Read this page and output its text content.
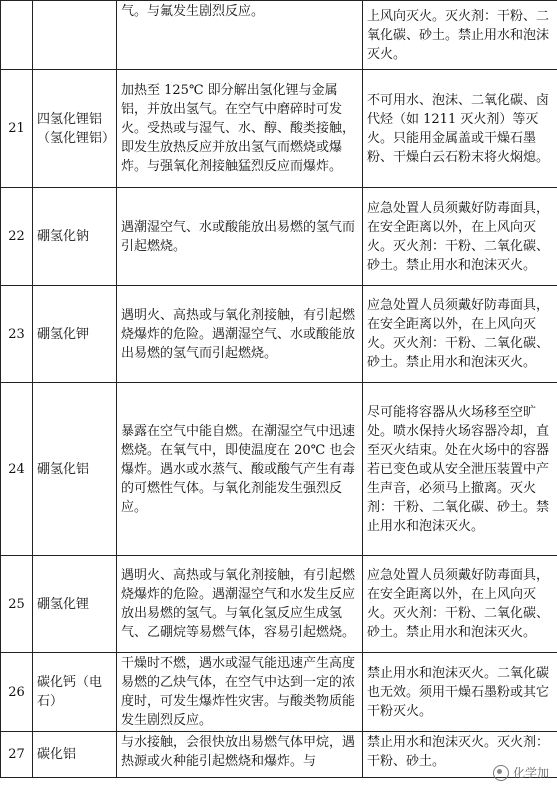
		气。与氟发生剧烈反应。	上风向灭火。灭火剂：干粉、二氧化碳、砂土。禁止用水和泡沫灭火。
21	四氢化锂铝（氢化锂铝）	加热至 125℃ 即分解出氢化锂与金属铝，并放出氢气。在空气中磨碎时可发火。受热或与湿气、水、醇、酸类接触，即发生放热反应并放出氢气而燃烧或爆炸。与强氧化剂接触猛烈反应而爆炸。	不可用水、泡沫、二氧化碳、卤代烃（如 1211 灭火剂）等灭火。只能用金属盖或干燥石墨粉、干燥白云石粉末将火焖熄。
22	硼氢化钠	遇潮湿空气、水或酸能放出易燃的氢气而引起燃烧。	应急处置人员须戴好防毒面具，在安全距离以外，在上风向灭火。灭火剂：干粉、二氧化碳、砂土。禁止用水和泡沫灭火。
23	硼氢化钾	遇明火、高热或与氧化剂接触，有引起燃烧爆炸的危险。遇潮湿空气、水或酸能放出易燃的氢气而引起燃烧。	应急处置人员须戴好防毒面具，在安全距离以外，在上风向灭火。灭火剂：干粉、二氧化碳、砂土。禁止用水和泡沫灭火。
24	硼氢化铝	暴露在空气中能自燃。在潮湿空气中迅速燃烧。在氧气中，即使温度在 20℃ 也会爆炸。遇水或水蒸气、酸或酸气产生有毒的可燃性气体。与氧化剂能发生强烈反应。	尽可能将容器从火场移至空旷处。喷水保持火场容器冷却，直至灭火结束。处在火场中的容器若已变色或从安全泄压装置中产生声音，必须马上撤离。灭火剂：干粉、二氧化碳、砂土。禁止用水和泡沫灭火。
25	硼氢化锂	遇明火、高热或与氧化剂接触，有引起燃烧爆炸的危险。遇潮湿空气和水发生反应放出易燃的氢气。与氧化氢反应生成氢气、乙硼烷等易燃气体，容易引起燃烧。	应急处置人员须戴好防毒面具，在安全距离以外，在上风向灭火。灭火剂：干粉、二氧化碳、砂土。禁止用水和泡沫灭火。
26	碳化钙（电石）	干燥时不燃，遇水或湿气能迅速产生高度易燃的乙炔气体，在空气中达到一定的浓度时，可发生爆炸性灾害。与酸类物质能发生剧烈反应。	禁止用水和泡沫灭火。二氧化碳也无效。须用干燥石墨粉或其它干粉灭火。
27	碳化铝	与水接触，会很快放出易燃气体甲烷，遇热源或火种能引起燃烧和爆炸。与	禁止用水和泡沫灭火。灭火剂：干粉、砂土。
化学加
